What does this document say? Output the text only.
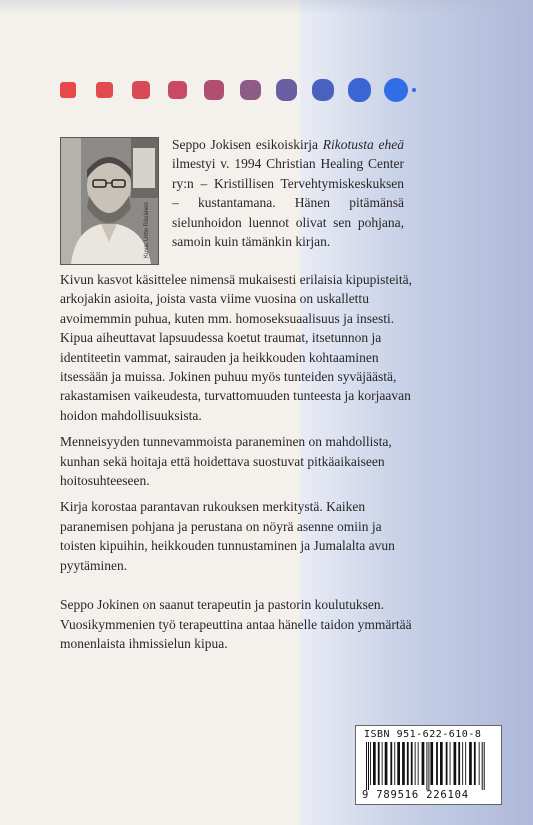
Kuva: Urho Räsänen
Seppo Jokisen esikoiskirja Rikotusta eheä ilmestyi v. 1994 Christian Healing Center ry:n – Kristillisen Tervehtymiskeskuksen – kustantamana. Hänen pitämänsä sielunhoidon luennot olivat sen pohjana, samoin kuin tämänkin kirjan.

Kivun kasvot käsittelee nimensä mukaisesti erilaisia kipupisteitä, arkojakin asioita, joista vasta viime vuosina on uskallettu avoimemmin puhua, kuten mm. homoseksuaalisuus ja insesti. Kipua aiheuttavat lapsuudessa koetut traumat, itsetunnon ja identiteetin vammat, sairauden ja heikkouden kohtaaminen itsessään ja muissa. Jokinen puhuu myös tunteiden syväjäästä, rakastamisen vaikeudesta, turvattomuuden tunteesta ja korjaavan hoidon mahdollisuuksista.

Menneisyyden tunnevammoista paraneminen on mahdollista, kunhan sekä hoitaja että hoidettava suostuvat pitkäaikaiseen hoitosuhteeseen.

Kirja korostaa parantavan rukouksen merkitystä. Kaiken paranemisen pohjana ja perustana on nöyrä asenne omiin ja toisten kipuihin, heikkouden tunnustaminen ja Jumalalta avun pyytäminen.

Seppo Jokinen on saanut terapeutin ja pastorin koulutuksen. Vuosikymmenien työ terapeuttina antaa hänelle taidon ymmärtää monenlaista ihmissielun kipua.

ISBN 951-622-610-8
9 789516 226104
